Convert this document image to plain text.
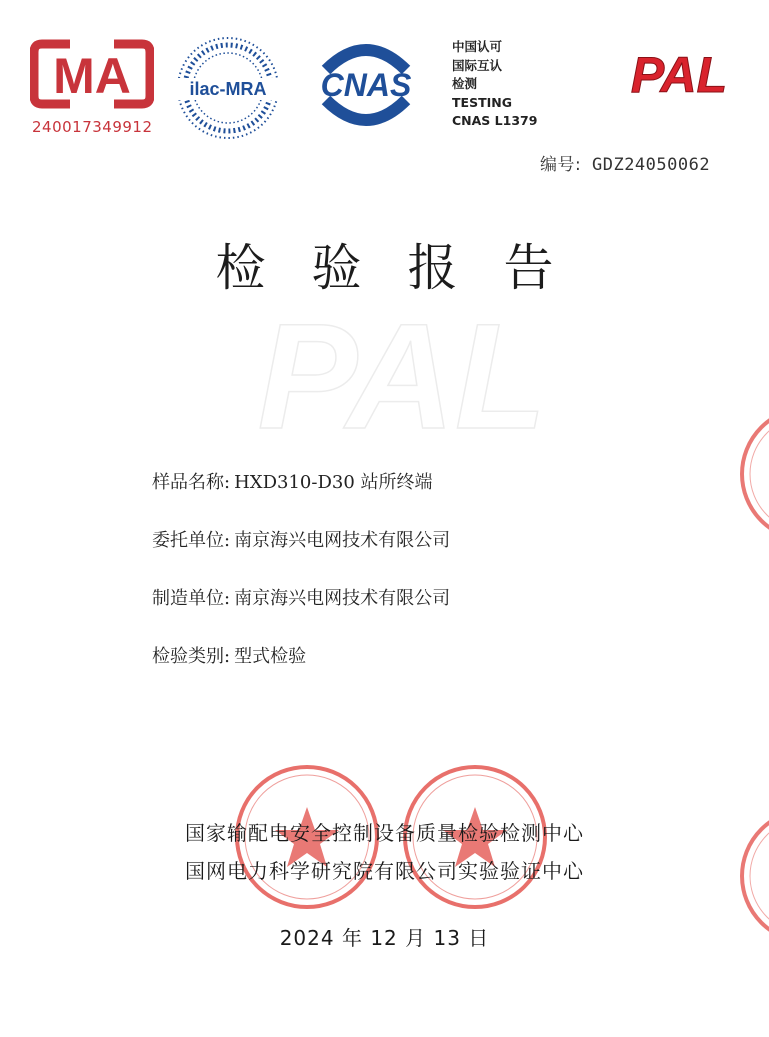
MA
240017349912
ilac-MRA CNAS
中国认可
国际互认
检测
TESTING
CNAS L1379
PAL
编号: GDZ24050062
检验报告
PAL
样品名称: HXD310-D30 站所终端
委托单位: 南京海兴电网技术有限公司
制造单位: 南京海兴电网技术有限公司
检验类别: 型式检验
国家输配电安全控制设备质量检验检测中心
国网电力科学研究院有限公司实验验证中心
2024 年 12 月 13 日
